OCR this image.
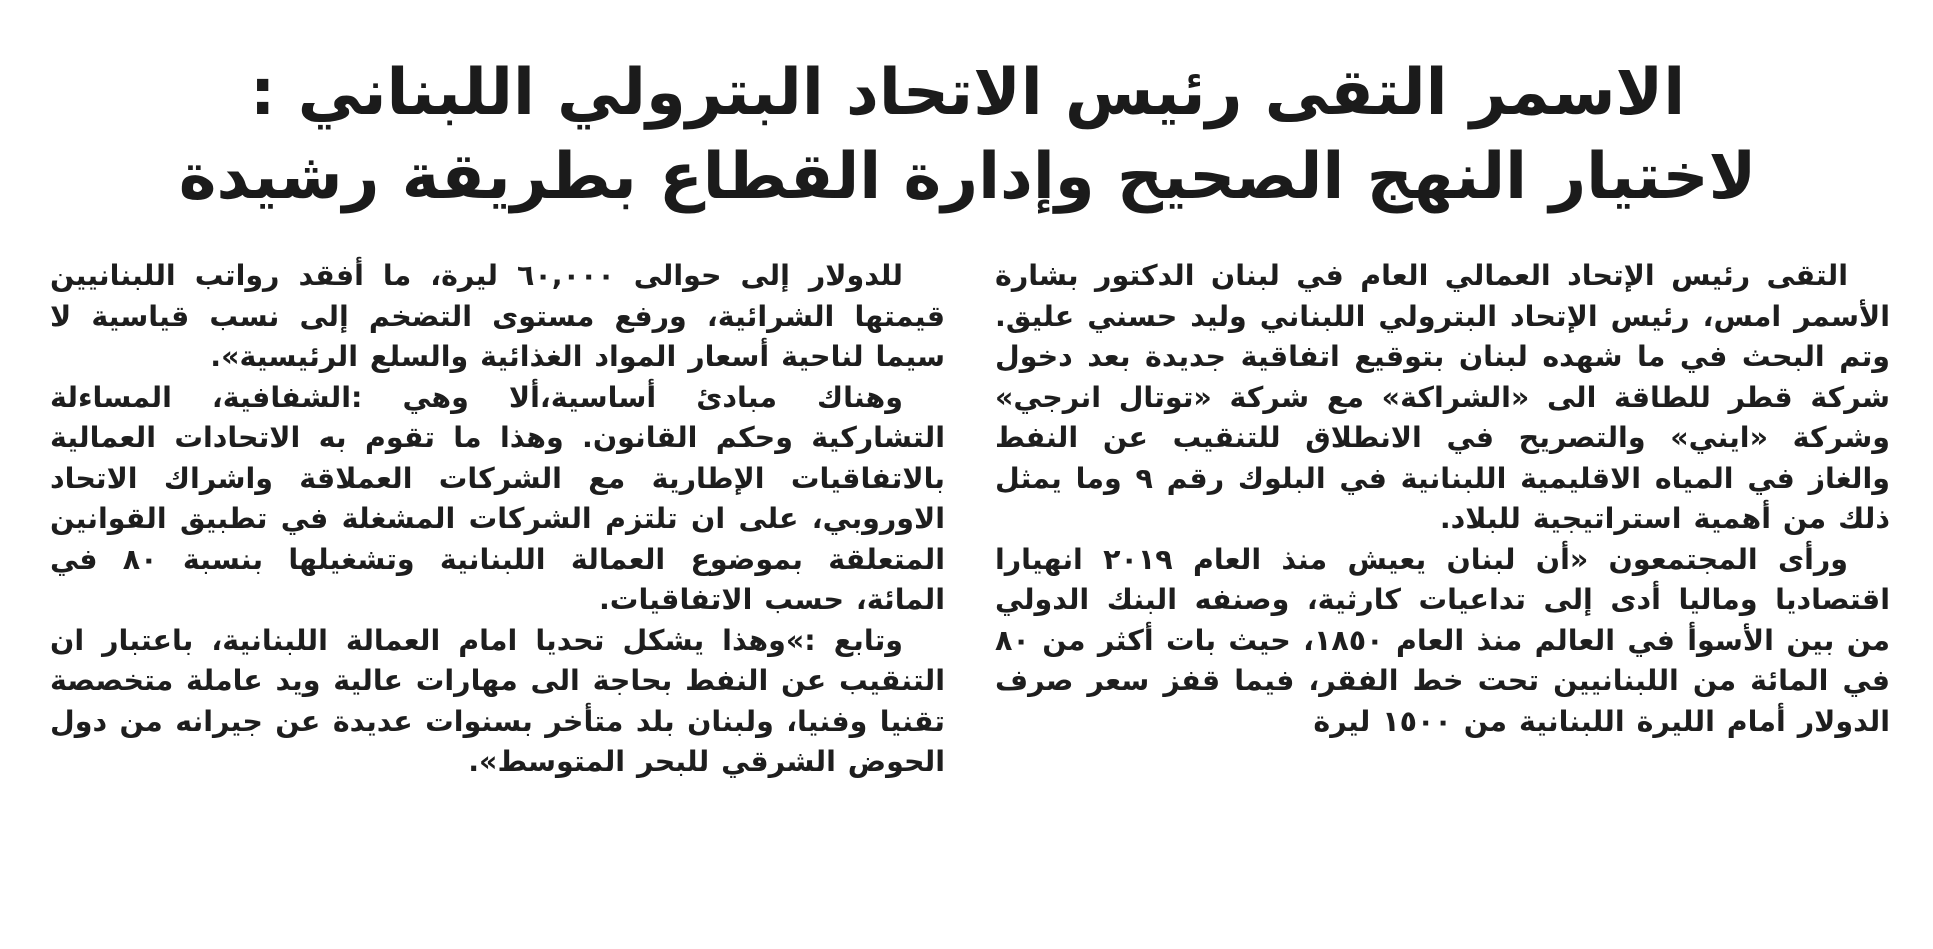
الاسمر التقى رئيس الاتحاد البترولي اللبناني :
لاختيار النهج الصحيح وإدارة القطاع بطريقة رشيدة

التقى رئيس الإتحاد العمالي العام في لبنان الدكتور بشارة الأسمر امس، رئيس الإتحاد البترولي اللبناني وليد حسني عليق. وتم البحث في ما شهده لبنان بتوقيع اتفاقية جديدة بعد دخول شركة قطر للطاقة الى «الشراكة» مع شركة «توتال انرجي» وشركة «ايني» والتصريح في الانطلاق للتنقيب عن النفط والغاز في المياه الاقليمية اللبنانية في البلوك رقم ٩ وما يمثل ذلك من أهمية استراتيجية للبلاد.

ورأى المجتمعون «أن لبنان يعيش منذ العام ٢٠١٩ انهيارا اقتصاديا وماليا أدى إلى تداعيات كارثية، وصنفه البنك الدولي من بين الأسوأ في العالم منذ العام ١٨٥٠، حيث بات أكثر من ٨٠ في المائة من اللبنانيين تحت خط الفقر، فيما قفز سعر صرف الدولار أمام الليرة اللبنانية من ١٥٠٠ ليرة

للدولار إلى حوالى ٦٠,٠٠٠ ليرة، ما أفقد رواتب اللبنانيين قيمتها الشرائية، ورفع مستوى التضخم إلى نسب قياسية لا سيما لناحية أسعار المواد الغذائية والسلع الرئيسية».

وهناك مبادئ أساسية،ألا وهي :الشفافية، المساءلة التشاركية وحكم القانون. وهذا ما تقوم به الاتحادات العمالية بالاتفاقيات الإطارية مع الشركات العملاقة واشراك الاتحاد الاوروبي، على ان تلتزم الشركات المشغلة في تطبيق القوانين المتعلقة بموضوع العمالة اللبنانية وتشغيلها بنسبة ٨٠ في المائة، حسب الاتفاقيات.

وتابع :»وهذا يشكل تحديا امام العمالة اللبنانية، باعتبار ان التنقيب عن النفط بحاجة الى مهارات عالية ويد عاملة متخصصة تقنيا وفنيا، ولبنان بلد متأخر بسنوات عديدة عن جيرانه من دول الحوض الشرقي للبحر المتوسط».
